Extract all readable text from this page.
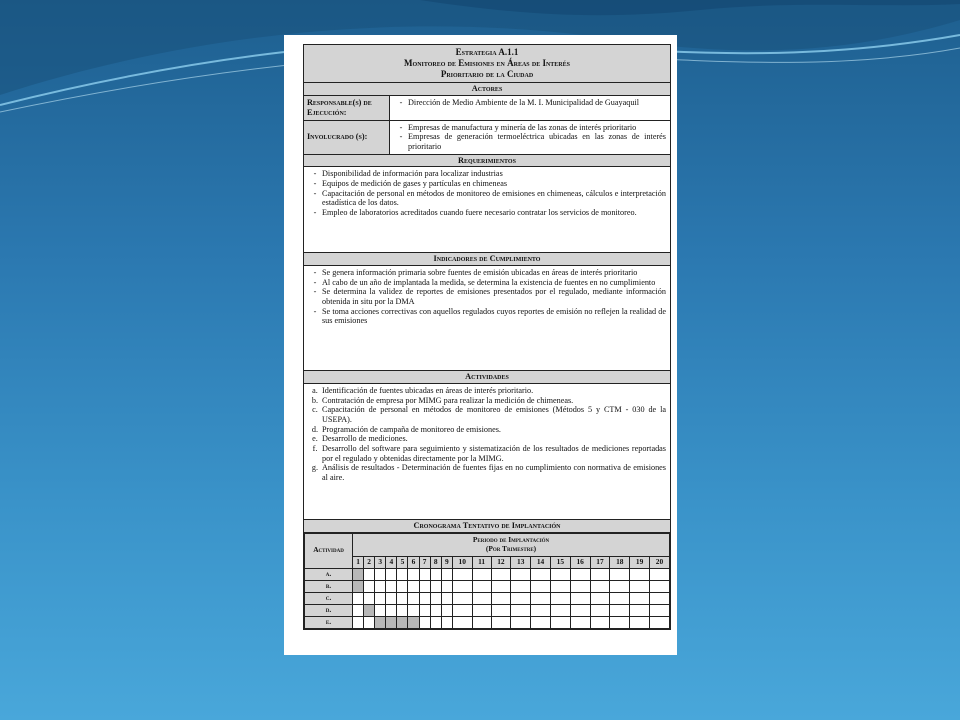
Estrategia A.1.1
Monitoreo de Emisiones en Áreas de Interés
Prioritario de la Ciudad
Actores
Responsable(s) de Ejecución:
- Dirección de Medio Ambiente de la M. I. Municipalidad de Guayaquil
Involucrado (s):
- Empresas de manufactura y minería de las zonas de interés prioritario
- Empresas de generación termoeléctrica ubicadas en las zonas de interés prioritario
Requerimientos
- Disponibilidad de información para localizar industrias
- Equipos de medición de gases y partículas en chimeneas
- Capacitación de personal en métodos de monitoreo de emisiones en chimeneas, cálculos e interpretación estadística de los datos.
- Empleo de laboratorios acreditados cuando fuere necesario contratar los servicios de monitoreo.
Indicadores de Cumplimiento
- Se genera información primaria sobre fuentes de emisión ubicadas en áreas de interés prioritario
- Al cabo de un año de implantada la medida, se determina la existencia de fuentes en no cumplimiento
- Se determina la validez de reportes de emisiones presentados por el regulado, mediante información obtenida in situ por la DMA
- Se toma acciones correctivas con aquellos regulados cuyos reportes de emisión no reflejen la realidad de sus emisiones
Actividades
a. Identificación de fuentes ubicadas en áreas de interés prioritario.
b. Contratación de empresa por MIMG para realizar la medición de chimeneas.
c. Capacitación de personal en métodos de monitoreo de emisiones (Métodos 5 y CTM - 030 de la USEPA).
d. Programación de campaña de monitoreo de emisiones.
e. Desarrollo de mediciones.
f. Desarrollo del software para seguimiento y sistematización de los resultados de mediciones reportadas por el regulado y obtenidas directamente por la MIMG.
g. Análisis de resultados - Determinación de fuentes fijas en no cumplimiento con normativa de emisiones al aire.
Cronograma Tentativo de Implantación
Actividad	Periodo de Implantación
(Por Trimestre)																			

	1	2	3	4	5	6	7	8	9	10	11	12	13	14	15	16	17	18	19	20
a.																				
b.																				
c.																				
d.																				
e.																				
